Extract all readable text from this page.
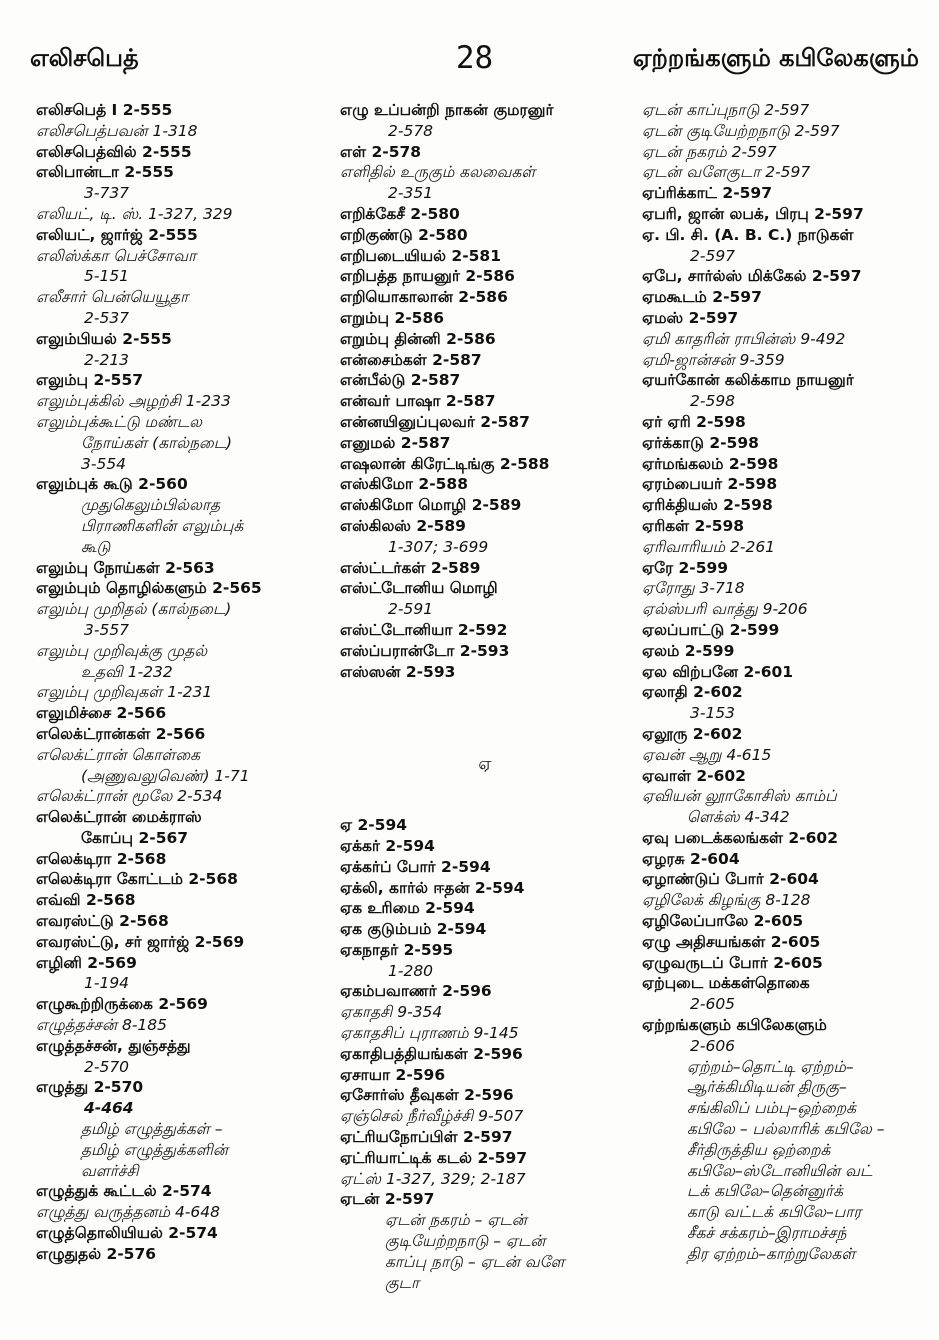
எலிசபெத்	28	ஏற்றங்களும் கபிலேகளும்
எலிசபெத் I 2-555
எலிசபெத்பவன் 1-318
எலிசபெத்வில் 2-555
எலிபான்டா 2-555
3-737
எலியட், டி. ஸ். 1-327, 329
எலியட், ஜார்ஜ் 2-555
எலிஸ்க்கா பெச்சோவா
5-151
எலீசார் பென்யெயூதா
2-537
எலும்பியல் 2-555
2-213
எலும்பு 2-557
எலும்புக்கில் அழற்சி 1-233
எலும்புக்கூட்டு மண்டல
நோய்கள் (கால்நடை)
3-554
எலும்புக் கூடு 2-560
முதுகெலும்பில்லாத
பிராணிகளின் எலும்புக்
கூடு
எலும்பு நோய்கள் 2-563
எலும்பும் தொழில்களும் 2-565
எலும்பு முறிதல் (கால்நடை)
3-557
எலும்பு முறிவுக்கு முதல்
உதவி 1-232
எலும்பு முறிவுகள் 1-231
எலுமிச்சை 2-566
எலெக்ட்ரான்கள் 2-566
எலெக்ட்ரான் கொள்கை
(அணுவலுவெண்) 1-71
எலெக்ட்ரான் மூலே 2-534
எலெக்ட்ரான் மைக்ராஸ்
கோப்பு 2-567
எலெக்டிரா 2-568
எலெக்டிரா கோட்டம் 2-568
எவ்வி 2-568
எவரஸ்ட்டு 2-568
எவரஸ்ட்டு, சர் ஜார்ஜ் 2-569
எழினி 2-569
1-194
எழுகூற்றிருக்கை 2-569
எழுத்தச்சன் 8-185
எழுத்தச்சன், துஞ்சத்து
2-570
எழுத்து 2-570
4-464
தமிழ் எழுத்துக்கள் –
தமிழ் எழுத்துக்களின்
வளர்ச்சி
எழுத்துக் கூட்டல் 2-574
எழுத்து வருத்தனம் 4-648
எழுத்தொலியியல் 2-574
எழுதுதல் 2-576
எழு உப்பன்றி நாகன் குமரனுர்
2-578
எள் 2-578
எளிதில் உருகும் கலவைகள்
2-351
எறிக்கேசீ 2-580
எறிகுண்டு 2-580
எறிபடையியல் 2-581
எறிபத்த நாயனுர் 2-586
எறியொகாலான் 2-586
எறும்பு 2-586
எறும்பு தின்னி 2-586
என்சைம்கள் 2-587
என்பீல்டு 2-587
என்வர் பாஷா 2-587
என்னயினுப்புலவர் 2-587
எனுமல் 2-587
எஷலான் கிரேட்டிங்கு 2-588
எஸ்கிமோ 2-588
எஸ்கிமோ மொழி 2-589
எஸ்கிலஸ் 2-589
1-307; 3-699
எஸ்ட்டர்கள் 2-589
எஸ்ட்டோனிய மொழி
2-591
எஸ்ட்டோனியா 2-592
எஸ்ப்பரான்டோ 2-593
எஸ்ஸன் 2-593
ஏ
ஏ 2-594
ஏக்கர் 2-594
ஏக்கர்ப் போர் 2-594
ஏக்லி, கார்ல் ஈதன் 2-594
ஏக உரிமை 2-594
ஏக குடும்பம் 2-594
ஏகநாதர் 2-595
1-280
ஏகம்பவாணர் 2-596
ஏகாதசி 9-354
ஏகாதசிப் புராணம் 9-145
ஏகாதிபத்தியங்கள் 2-596
ஏசாயா 2-596
ஏசோர்ஸ் தீவுகள் 2-596
ஏஞ்செல் நீர்வீழ்ச்சி 9-507
ஏட்ரியநோப்பிள் 2-597
ஏட்ரியாட்டிக் கடல் 2-597
ஏட்ஸ் 1-327, 329; 2-187
ஏடன் 2-597
ஏடன் நகரம் – ஏடன்
குடியேற்றநாடு – ஏடன்
காப்பு நாடு – ஏடன் வளே
குடா
ஏடன் காப்புநாடு 2-597
ஏடன் குடியேற்றநாடு 2-597
ஏடன் நகரம் 2-597
ஏடன் வளேகுடா 2-597
ஏப்ரிக்காட் 2-597
ஏபரி, ஜான் லபக், பிரபு 2-597
ஏ. பி. சி. (A. B. C.) நாடுகள்
2-597
ஏபே, சார்ல்ஸ் மிக்கேல் 2-597
ஏமகூடம் 2-597
ஏமஸ் 2-597
ஏமி காதரின் ராபின்ஸ் 9-492
ஏமி-ஜான்சன் 9-359
ஏயர்கோன் கலிக்காம நாயனுர்
2-598
ஏர் ஏரி 2-598
ஏர்க்காடு 2-598
ஏர்மங்கலம் 2-598
ஏரம்பையர் 2-598
ஏரிக்தியஸ் 2-598
ஏரிகள் 2-598
ஏரிவாரியம் 2-261
ஏரே 2-599
ஏரோது 3-718
ஏல்ஸ்பரி வாத்து 9-206
ஏலப்பாட்டு 2-599
ஏலம் 2-599
ஏல விற்பனே 2-601
ஏலாதி 2-602
3-153
ஏலூரு 2-602
ஏவன் ஆறு 4-615
ஏவாள் 2-602
ஏவியன் லூாகோசிஸ் காம்ப்
ளெக்ஸ் 4-342
ஏவு படைக்கலங்கள் 2-602
ஏழரசு 2-604
ஏழாண்டுப் போர் 2-604
ஏழிலேக் கிழங்கு 8-128
ஏழிலேப்பாலே 2-605
ஏழு அதிசயங்கள் 2-605
ஏழுவருடப் போர் 2-605
ஏற்புடை மக்கள்தொகை
2-605
ஏற்றங்களும் கபிலேகளும்
2-606
ஏற்றம்–தொட்டி ஏற்றம்–
ஆர்க்கிமிடியன் திருகு–
சங்கிலிப் பம்பு–ஒற்றைக்
கபிலே – பல்லாரிக் கபிலே –
சீர்திருத்திய ஒற்றைக்
கபிலே–ஸ்டோனியின் வட்
டக் கபிலே–தென்னுர்க்
காடு வட்டக் கபிலே–பார
சீகச் சக்கரம்–இராமச்சந்
திர ஏற்றம்–காற்றுலேகள்
